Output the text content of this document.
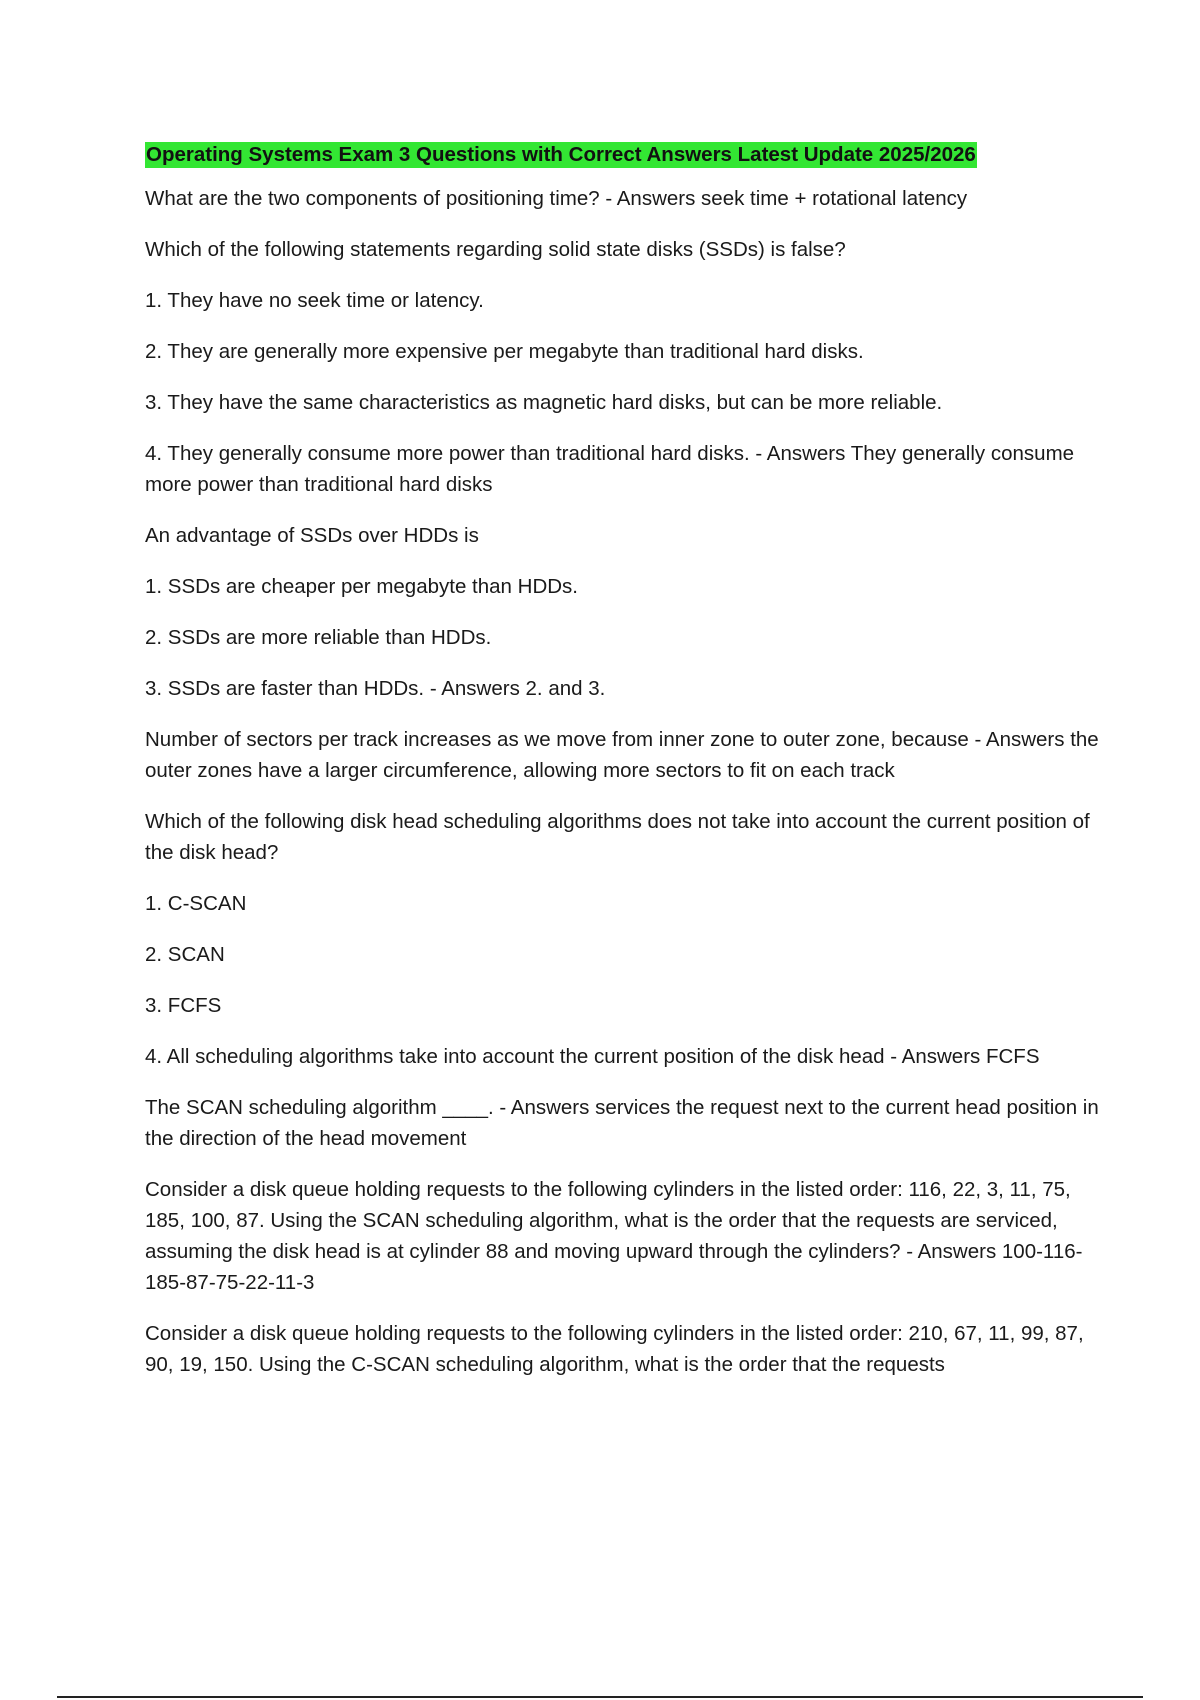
Operating Systems Exam 3 Questions with Correct Answers Latest Update 2025/2026

What are the two components of positioning time? - Answers seek time + rotational latency

Which of the following statements regarding solid state disks (SSDs) is false?

1. They have no seek time or latency.

2. They are generally more expensive per megabyte than traditional hard disks.

3. They have the same characteristics as magnetic hard disks, but can be more reliable.

4. They generally consume more power than traditional hard disks. - Answers They generally consume more power than traditional hard disks

An advantage of SSDs over HDDs is

1. SSDs are cheaper per megabyte than HDDs.

2. SSDs are more reliable than HDDs.

3. SSDs are faster than HDDs. - Answers 2. and 3.

Number of sectors per track increases as we move from inner zone to outer zone, because - Answers the outer zones have a larger circumference, allowing more sectors to fit on each track

Which of the following disk head scheduling algorithms does not take into account the current position of the disk head?

1. C-SCAN

2. SCAN

3. FCFS

4. All scheduling algorithms take into account the current position of the disk head - Answers FCFS

The SCAN scheduling algorithm ____. - Answers services the request next to the current head position in the direction of the head movement

Consider a disk queue holding requests to the following cylinders in the listed order: 116, 22, 3, 11, 75, 185, 100, 87. Using the SCAN scheduling algorithm, what is the order that the requests are serviced, assuming the disk head is at cylinder 88 and moving upward through the cylinders? - Answers 100-116-185-87-75-22-11-3

Consider a disk queue holding requests to the following cylinders in the listed order: 210, 67, 11, 99, 87, 90, 19, 150. Using the C-SCAN scheduling algorithm, what is the order that the requests
